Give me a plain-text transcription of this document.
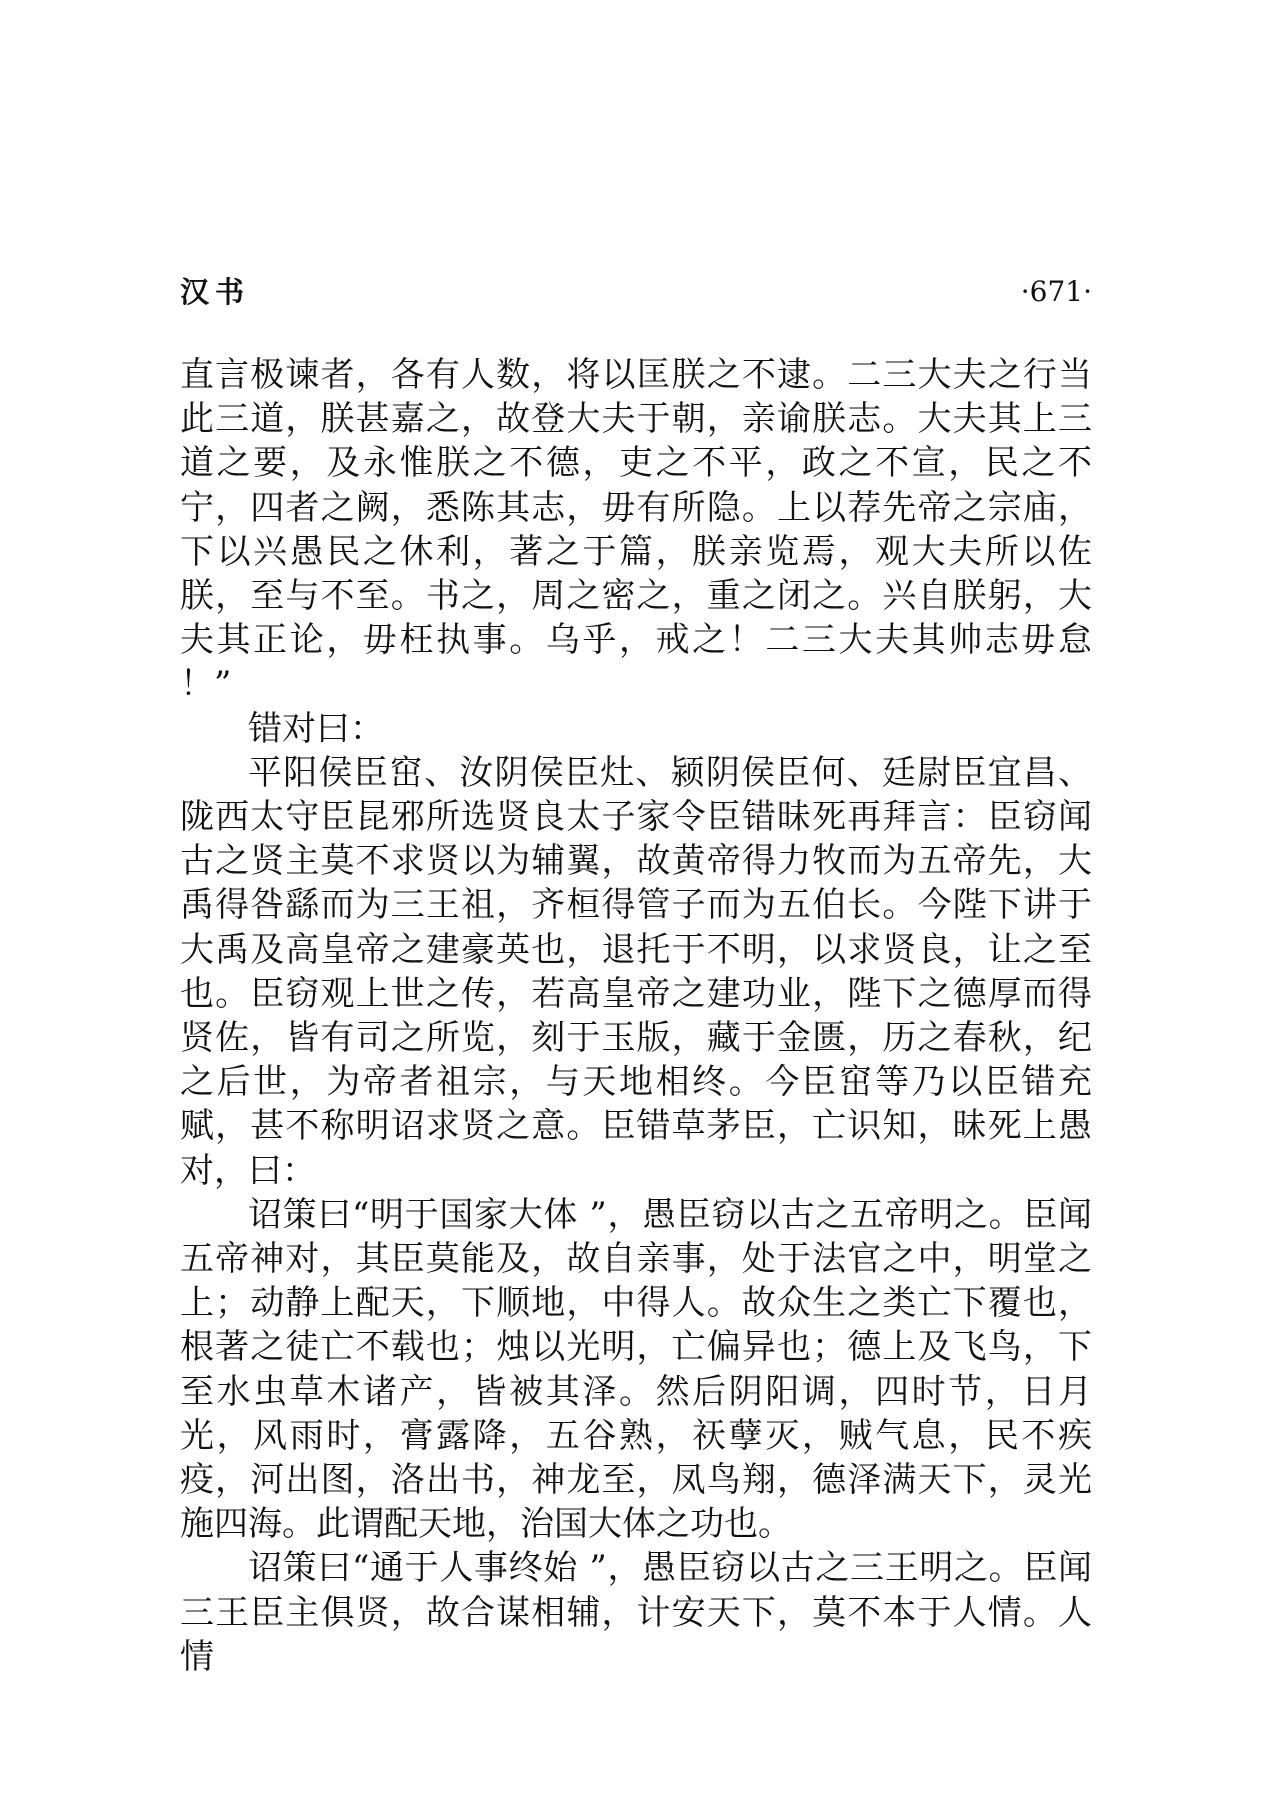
汉书	·671·

直言极谏者，各有人数，将以匡朕之不逮。二三大夫之行当此三道，朕甚嘉之，故登大夫于朝，亲谕朕志。大夫其上三道之要，及永惟朕之不德，吏之不平，政之不宣，民之不宁，四者之阙，悉陈其志，毋有所隐。上以荐先帝之宗庙，下以兴愚民之休利，著之于篇，朕亲览焉，观大夫所以佐朕，至与不至。书之，周之密之，重之闭之。兴自朕躬，大夫其正论，毋枉执事。乌乎，戒之！二三大夫其帅志毋怠 ！”

错对曰：

平阳侯臣窋、汝阴侯臣灶、颍阴侯臣何、廷尉臣宜昌、陇西太守臣昆邪所选贤良太子家令臣错昧死再拜言：臣窃闻古之贤主莫不求贤以为辅翼，故黄帝得力牧而为五帝先，大禹得咎繇而为三王祖，齐桓得管子而为五伯长。今陛下讲于大禹及高皇帝之建豪英也，退托于不明，以求贤良，让之至也。臣窃观上世之传，若高皇帝之建功业，陛下之德厚而得贤佐，皆有司之所览，刻于玉版，藏于金匮，历之春秋，纪之后世，为帝者祖宗，与天地相终。今臣窋等乃以臣错充赋，甚不称明诏求贤之意。臣错草茅臣，亡识知，昧死上愚对，曰：

诏策曰“明于国家大体 ”，愚臣窃以古之五帝明之。臣闻五帝神对，其臣莫能及，故自亲事，处于法官之中，明堂之上；动静上配天，下顺地，中得人。故众生之类亡下覆也，根著之徒亡不载也；烛以光明，亡偏异也；德上及飞鸟，下至水虫草木诸产，皆被其泽。然后阴阳调，四时节，日月光，风雨时，膏露降，五谷熟，祆孽灭，贼气息，民不疾疫，河出图，洛出书，神龙至，凤鸟翔，德泽满天下，灵光施四海。此谓配天地，治国大体之功也。

诏策曰“通于人事终始 ”，愚臣窃以古之三王明之。臣闻三王臣主俱贤，故合谋相辅，计安天下，莫不本于人情。人情
